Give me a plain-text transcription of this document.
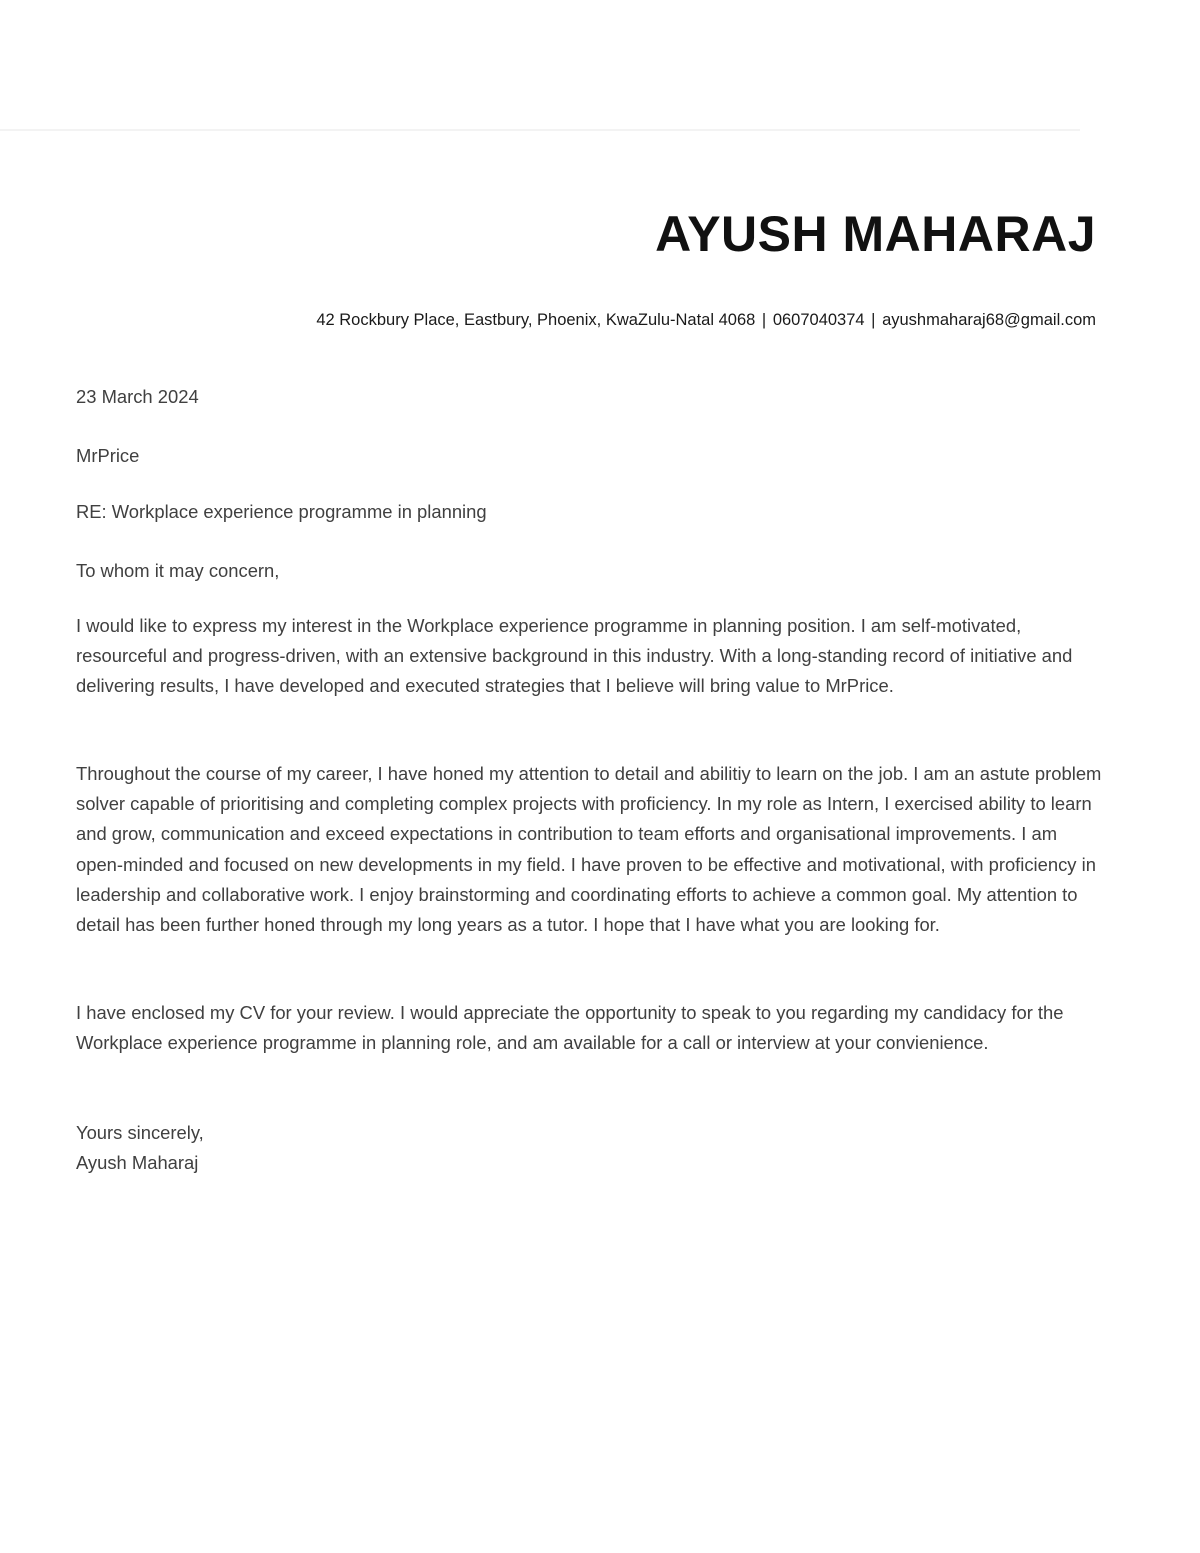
AYUSH MAHARAJ
42 Rockbury Place, Eastbury, Phoenix, KwaZulu-Natal 4068 | 0607040374 | ayushmaharaj68@gmail.com

23 March 2024

MrPrice

RE: Workplace experience programme in planning

To whom it may concern,

I would like to express my interest in the Workplace experience programme in planning position. I am self-motivated, resourceful and progress-driven, with an extensive background in this industry. With a long-standing record of initiative and delivering results, I have developed and executed strategies that I believe will bring value to MrPrice.

Throughout the course of my career, I have honed my attention to detail and abilitiy to learn on the job. I am an astute problem solver capable of prioritising and completing complex projects with proficiency. In my role as Intern, I exercised ability to learn and grow, communication and exceed expectations in contribution to team efforts and organisational improvements. I am open-minded and focused on new developments in my field. I have proven to be effective and motivational, with proficiency in leadership and collaborative work. I enjoy brainstorming and coordinating efforts to achieve a common goal. My attention to detail has been further honed through my long years as a tutor. I hope that I have what you are looking for.

I have enclosed my CV for your review. I would appreciate the opportunity to speak to you regarding my candidacy for the Workplace experience programme in planning role, and am available for a call or interview at your convienience.

Yours sincerely,

Ayush Maharaj
